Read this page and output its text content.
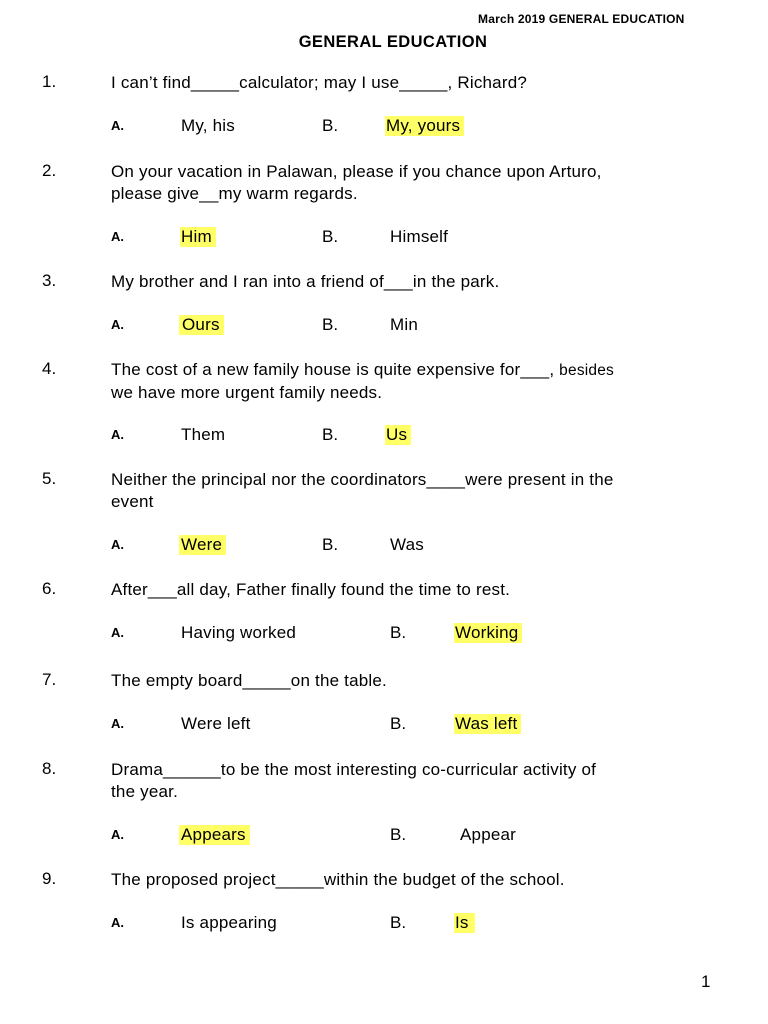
March 2019 GENERAL EDUCATION
GENERAL EDUCATION
1.	I can’t find_____calculator; may I use_____, Richard?
A.	My, his	B.	My, yours
2.	On your vacation in Palawan, please if you chance upon Arturo,
please give__my warm regards.
A.	Him	B.	Himself
3.	My brother and I ran into a friend of___in the park.
A.	Ours	B.	Min
4.	The cost of a new family house is quite expensive for___, besides
we have more urgent family needs.
A.	Them	B.	Us
5.	Neither the principal nor the coordinators____were present in the
event
A.	Were	B.	Was
6.	After___all day, Father finally found the time to rest.
A.	Having worked	B.	Working
7.	The empty board_____on the table.
A.	Were left	B.	Was left
8.	Drama______to be the most interesting co-curricular activity of
the year.
A.	Appears	B.	Appear
9.	The proposed project_____within the budget of the school.
A.	Is appearing	B.	Is
1
